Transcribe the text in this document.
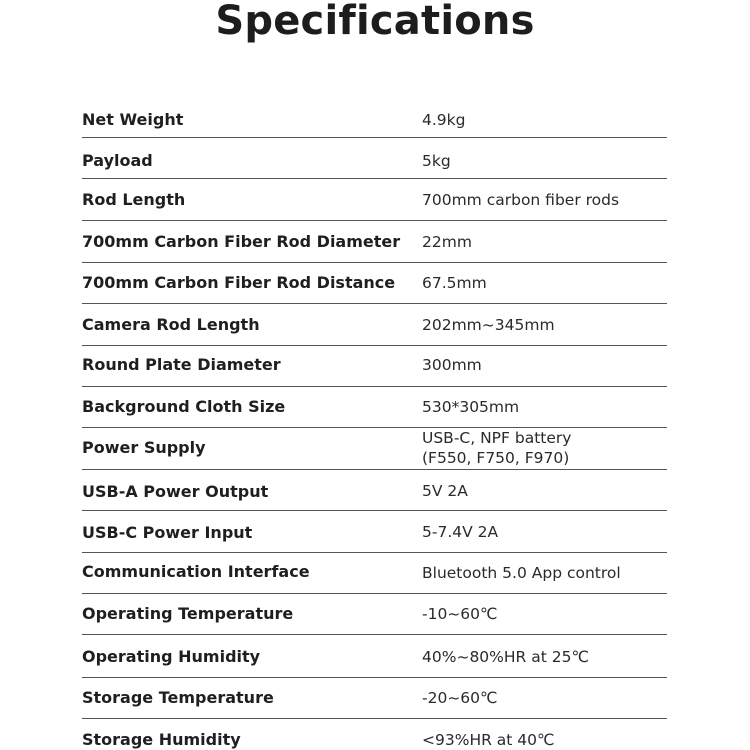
Specifications
Net Weight	4.9kg
Payload	5kg
Rod Length	700mm carbon fiber rods
700mm Carbon Fiber Rod Diameter 22mm
700mm Carbon Fiber Rod Distance 67.5mm
Camera Rod Length	202mm~345mm
Round Plate Diameter	300mm
Background Cloth Size	530*305mm
Power Supply	USB-C, NPF battery
(F550, F750, F970)
USB-A Power Output	5V 2A
USB-C Power Input	5-7.4V 2A
Communication Interface	Bluetooth 5.0 App control
Operating Temperature	-10~60℃
Operating Humidity	40%~80%HR at 25℃
Storage Temperature	-20~60℃
Storage Humidity	<93%HR at 40℃
